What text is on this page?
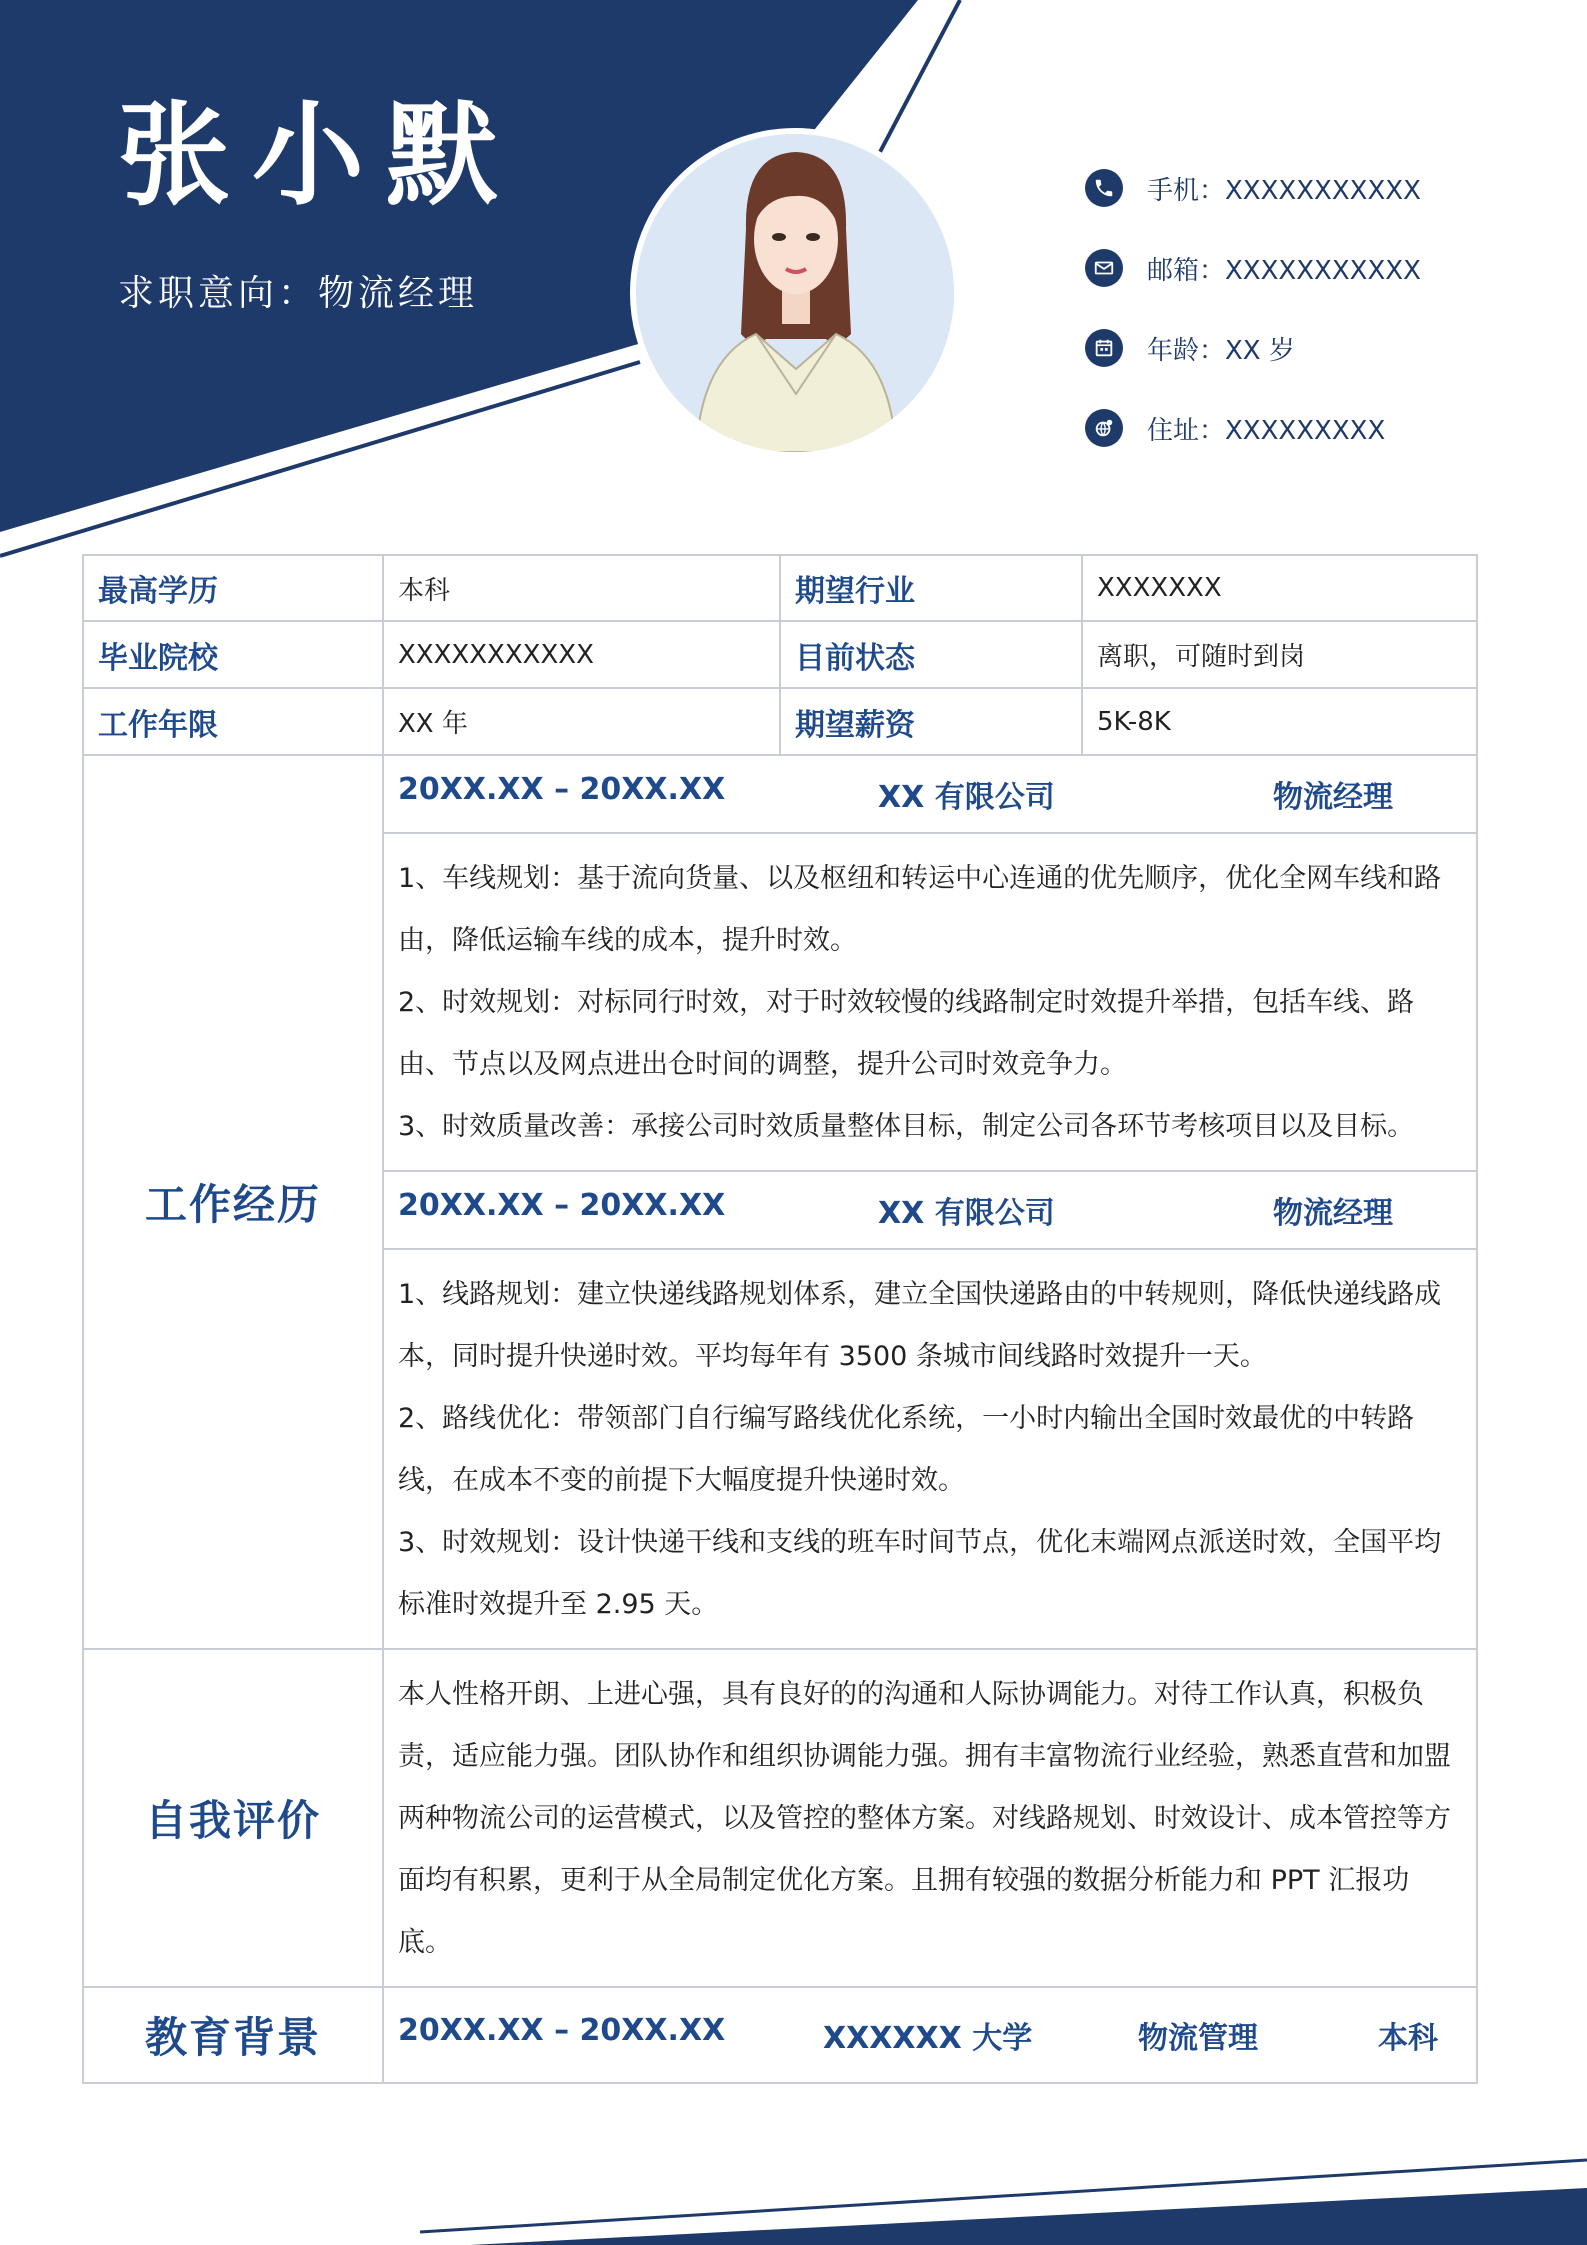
张小默
求职意向：物流经理
手机：XXXXXXXXXXX
邮箱：XXXXXXXXXXX
年龄：XX 岁
住址：XXXXXXXXX
最高学历	本科	期望行业	XXXXXXX
毕业院校	XXXXXXXXXXX	目前状态	离职，可随时到岗
工作年限	XX 年	期望薪资	5K-8K
工作经历	20XX.XX – 20XX.XX XX 有限公司 物流经理		

	1、车线规划：基于流向货量、以及枢纽和转运中心连通的优先顺序，优化全网车线和路由，降低运输车线的成本，提升时效。

2、时效规划：对标同行时效，对于时效较慢的线路制定时效提升举措，包括车线、路由、节点以及网点进出仓时间的调整，提升公司时效竞争力。

3、时效质量改善：承接公司时效质量整体目标，制定公司各环节考核项目以及目标。		

	20XX.XX – 20XX.XX XX 有限公司 物流经理		

	1、线路规划：建立快递线路规划体系，建立全国快递路由的中转规则，降低快递线路成本，同时提升快递时效。平均每年有 3500 条城市间线路时效提升一天。

2、路线优化：带领部门自行编写路线优化系统，一小时内输出全国时效最优的中转路线，在成本不变的前提下大幅度提升快递时效。

3、时效规划：设计快递干线和支线的班车时间节点，优化末端网点派送时效，全国平均标准时效提升至 2.95 天。		

自我评价	本人性格开朗、上进心强，具有良好的的沟通和人际协调能力。对待工作认真，积极负责，适应能力强。团队协作和组织协调能力强。拥有丰富物流行业经验，熟悉直营和加盟两种物流公司的运营模式，以及管控的整体方案。对线路规划、时效设计、成本管控等方面均有积累，更利于从全局制定优化方案。且拥有较强的数据分析能力和 PPT 汇报功底。		
教育背景	20XX.XX – 20XX.XX XXXXXX 大学 物流管理 本科		
